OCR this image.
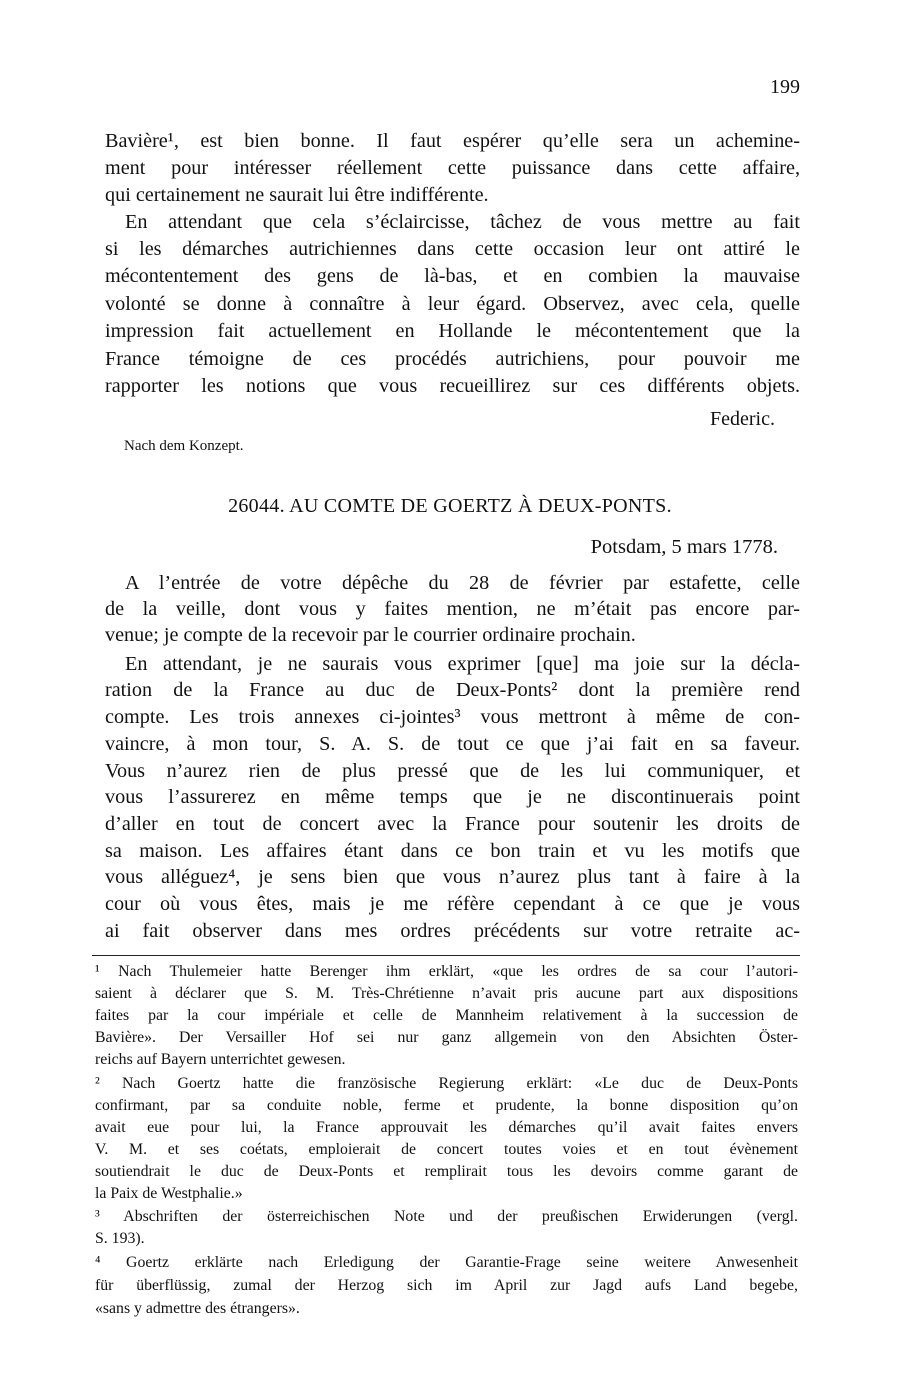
199
Bavière¹, est bien bonne. Il faut espérer qu’elle sera un achemine-
ment pour intéresser réellement cette puissance dans cette affaire,
qui certainement ne saurait lui être indifférente.
En attendant que cela s’éclaircisse, tâchez de vous mettre au fait
si les démarches autrichiennes dans cette occasion leur ont attiré le
mécontentement des gens de là-bas, et en combien la mauvaise
volonté se donne à connaître à leur égard. Observez, avec cela, quelle
impression fait actuellement en Hollande le mécontentement que la
France témoigne de ces procédés autrichiens, pour pouvoir me
rapporter les notions que vous recueillirez sur ces différents objets.
Federic.
Nach dem Konzept.
26044. AU COMTE DE GOERTZ À DEUX-PONTS.
Potsdam, 5 mars 1778.
A l’entrée de votre dépêche du 28 de février par estafette, celle
de la veille, dont vous y faites mention, ne m’était pas encore par-
venue; je compte de la recevoir par le courrier ordinaire prochain.
En attendant, je ne saurais vous exprimer [que] ma joie sur la décla-
ration de la France au duc de Deux-Ponts² dont la première rend
compte. Les trois annexes ci-jointes³ vous mettront à même de con-
vaincre, à mon tour, S. A. S. de tout ce que j’ai fait en sa faveur.
Vous n’aurez rien de plus pressé que de les lui communiquer, et
vous l’assurerez en même temps que je ne discontinuerais point
d’aller en tout de concert avec la France pour soutenir les droits de
sa maison. Les affaires étant dans ce bon train et vu les motifs que
vous alléguez⁴, je sens bien que vous n’aurez plus tant à faire à la
cour où vous êtes, mais je me réfère cependant à ce que je vous
ai fait observer dans mes ordres précédents sur votre retraite ac-
¹ Nach Thulemeier hatte Berenger ihm erklärt, «que les ordres de sa cour l’autori-
saient à déclarer que S. M. Très-Chrétienne n’avait pris aucune part aux dispositions
faites par la cour impériale et celle de Mannheim relativement à la succession de
Bavière». Der Versailler Hof sei nur ganz allgemein von den Absichten Öster-
reichs auf Bayern unterrichtet gewesen.
² Nach Goertz hatte die französische Regierung erklärt: «Le duc de Deux-Ponts
confirmant, par sa conduite noble, ferme et prudente, la bonne disposition qu’on
avait eue pour lui, la France approuvait les démarches qu’il avait faites envers
V. M. et ses coétats, emploierait de concert toutes voies et en tout évènement
soutiendrait le duc de Deux-Ponts et remplirait tous les devoirs comme garant de
la Paix de Westphalie.»
³ Abschriften der österreichischen Note und der preußischen Erwiderungen (vergl.
S. 193).
⁴ Goertz erklärte nach Erledigung der Garantie-Frage seine weitere Anwesenheit
für überflüssig, zumal der Herzog sich im April zur Jagd aufs Land begebe,
«sans y admettre des étrangers».
